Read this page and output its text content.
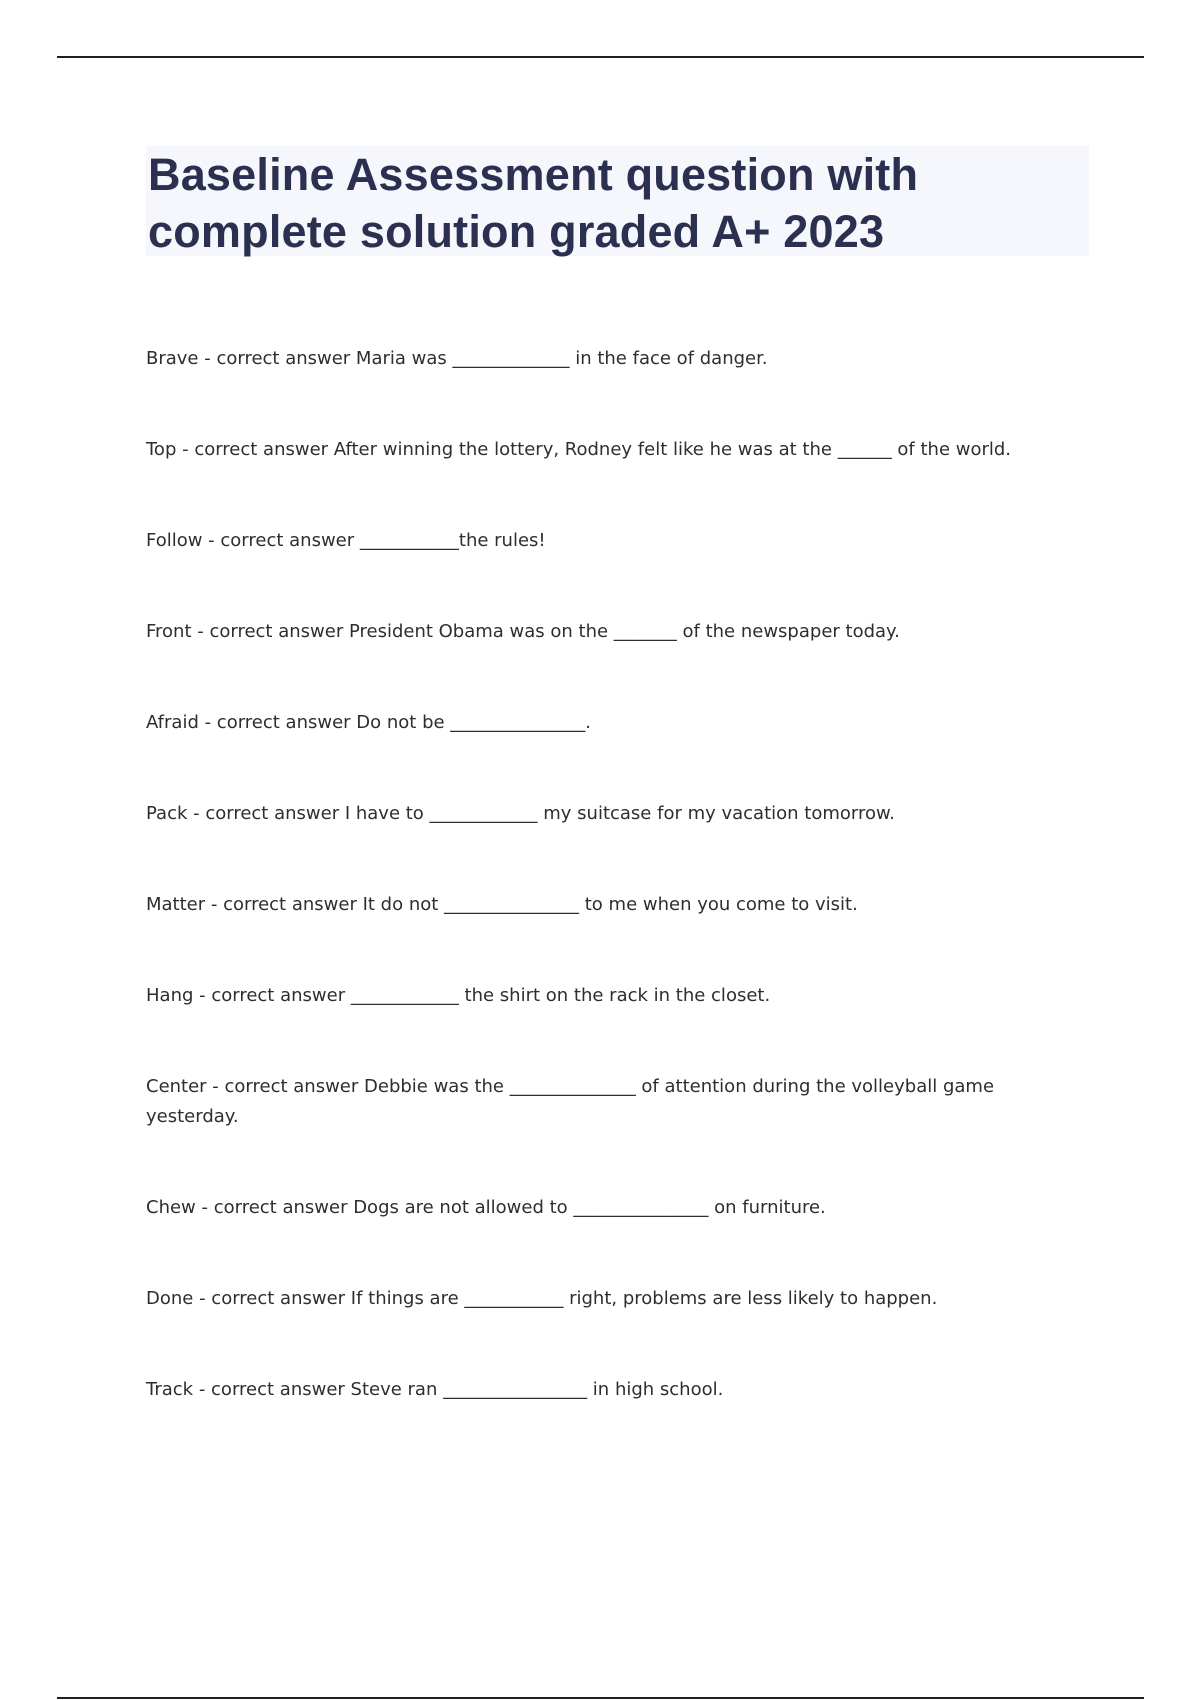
Baseline Assessment question with complete solution graded A+ 2023
Brave - correct answer Maria was _____________ in the face of danger.
Top - correct answer After winning the lottery, Rodney felt like he was at the ______ of the world.
Follow - correct answer ___________the rules!
Front - correct answer President Obama was on the _______ of the newspaper today.
Afraid - correct answer Do not be _______________.
Pack - correct answer I have to ____________ my suitcase for my vacation tomorrow.
Matter - correct answer It do not _______________ to me when you come to visit.
Hang - correct answer ____________ the shirt on the rack in the closet.
Center - correct answer Debbie was the ______________ of attention during the volleyball game yesterday.
Chew - correct answer Dogs are not allowed to _______________ on furniture.
Done - correct answer If things are ___________ right, problems are less likely to happen.
Track - correct answer Steve ran ________________ in high school.
